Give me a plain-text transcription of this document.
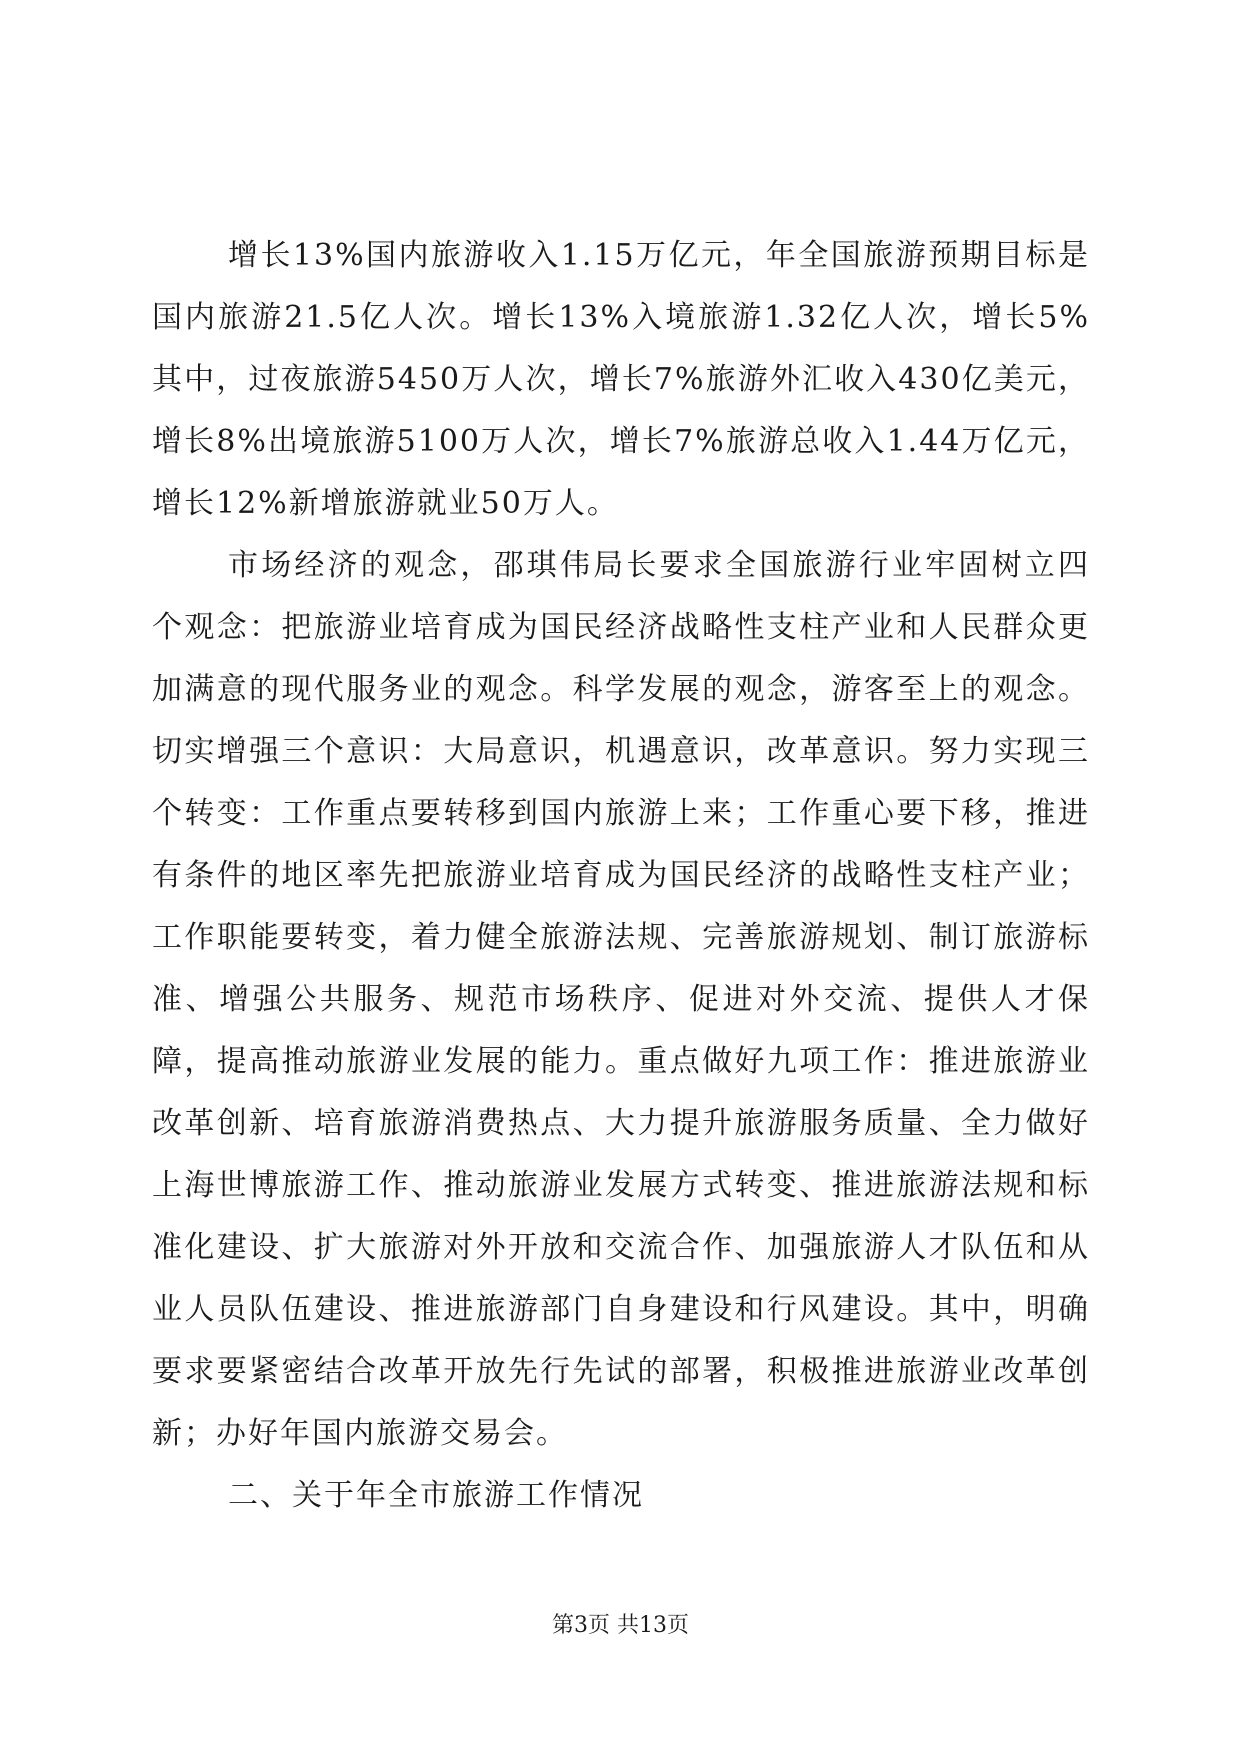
增长13%国内旅游收入1.15万亿元，年全国旅游预期目标是国内旅游21.5亿人次。增长13%入境旅游1.32亿人次，增长5%其中，过夜旅游5450万人次，增长7%旅游外汇收入430亿美元，增长8%出境旅游5100万人次，增长7%旅游总收入1.44万亿元，增长12%新增旅游就业50万人。

市场经济的观念，邵琪伟局长要求全国旅游行业牢固树立四个观念：把旅游业培育成为国民经济战略性支柱产业和人民群众更加满意的现代服务业的观念。科学发展的观念，游客至上的观念。切实增强三个意识：大局意识，机遇意识，改革意识。努力实现三个转变：工作重点要转移到国内旅游上来；工作重心要下移，推进有条件的地区率先把旅游业培育成为国民经济的战略性支柱产业；工作职能要转变，着力健全旅游法规、完善旅游规划、制订旅游标准、增强公共服务、规范市场秩序、促进对外交流、提供人才保障，提高推动旅游业发展的能力。重点做好九项工作：推进旅游业改革创新、培育旅游消费热点、大力提升旅游服务质量、全力做好上海世博旅游工作、推动旅游业发展方式转变、推进旅游法规和标准化建设、扩大旅游对外开放和交流合作、加强旅游人才队伍和从业人员队伍建设、推进旅游部门自身建设和行风建设。其中，明确要求要紧密结合改革开放先行先试的部署，积极推进旅游业改革创新；办好年国内旅游交易会。

二、关于年全市旅游工作情况

第3页 共13页
